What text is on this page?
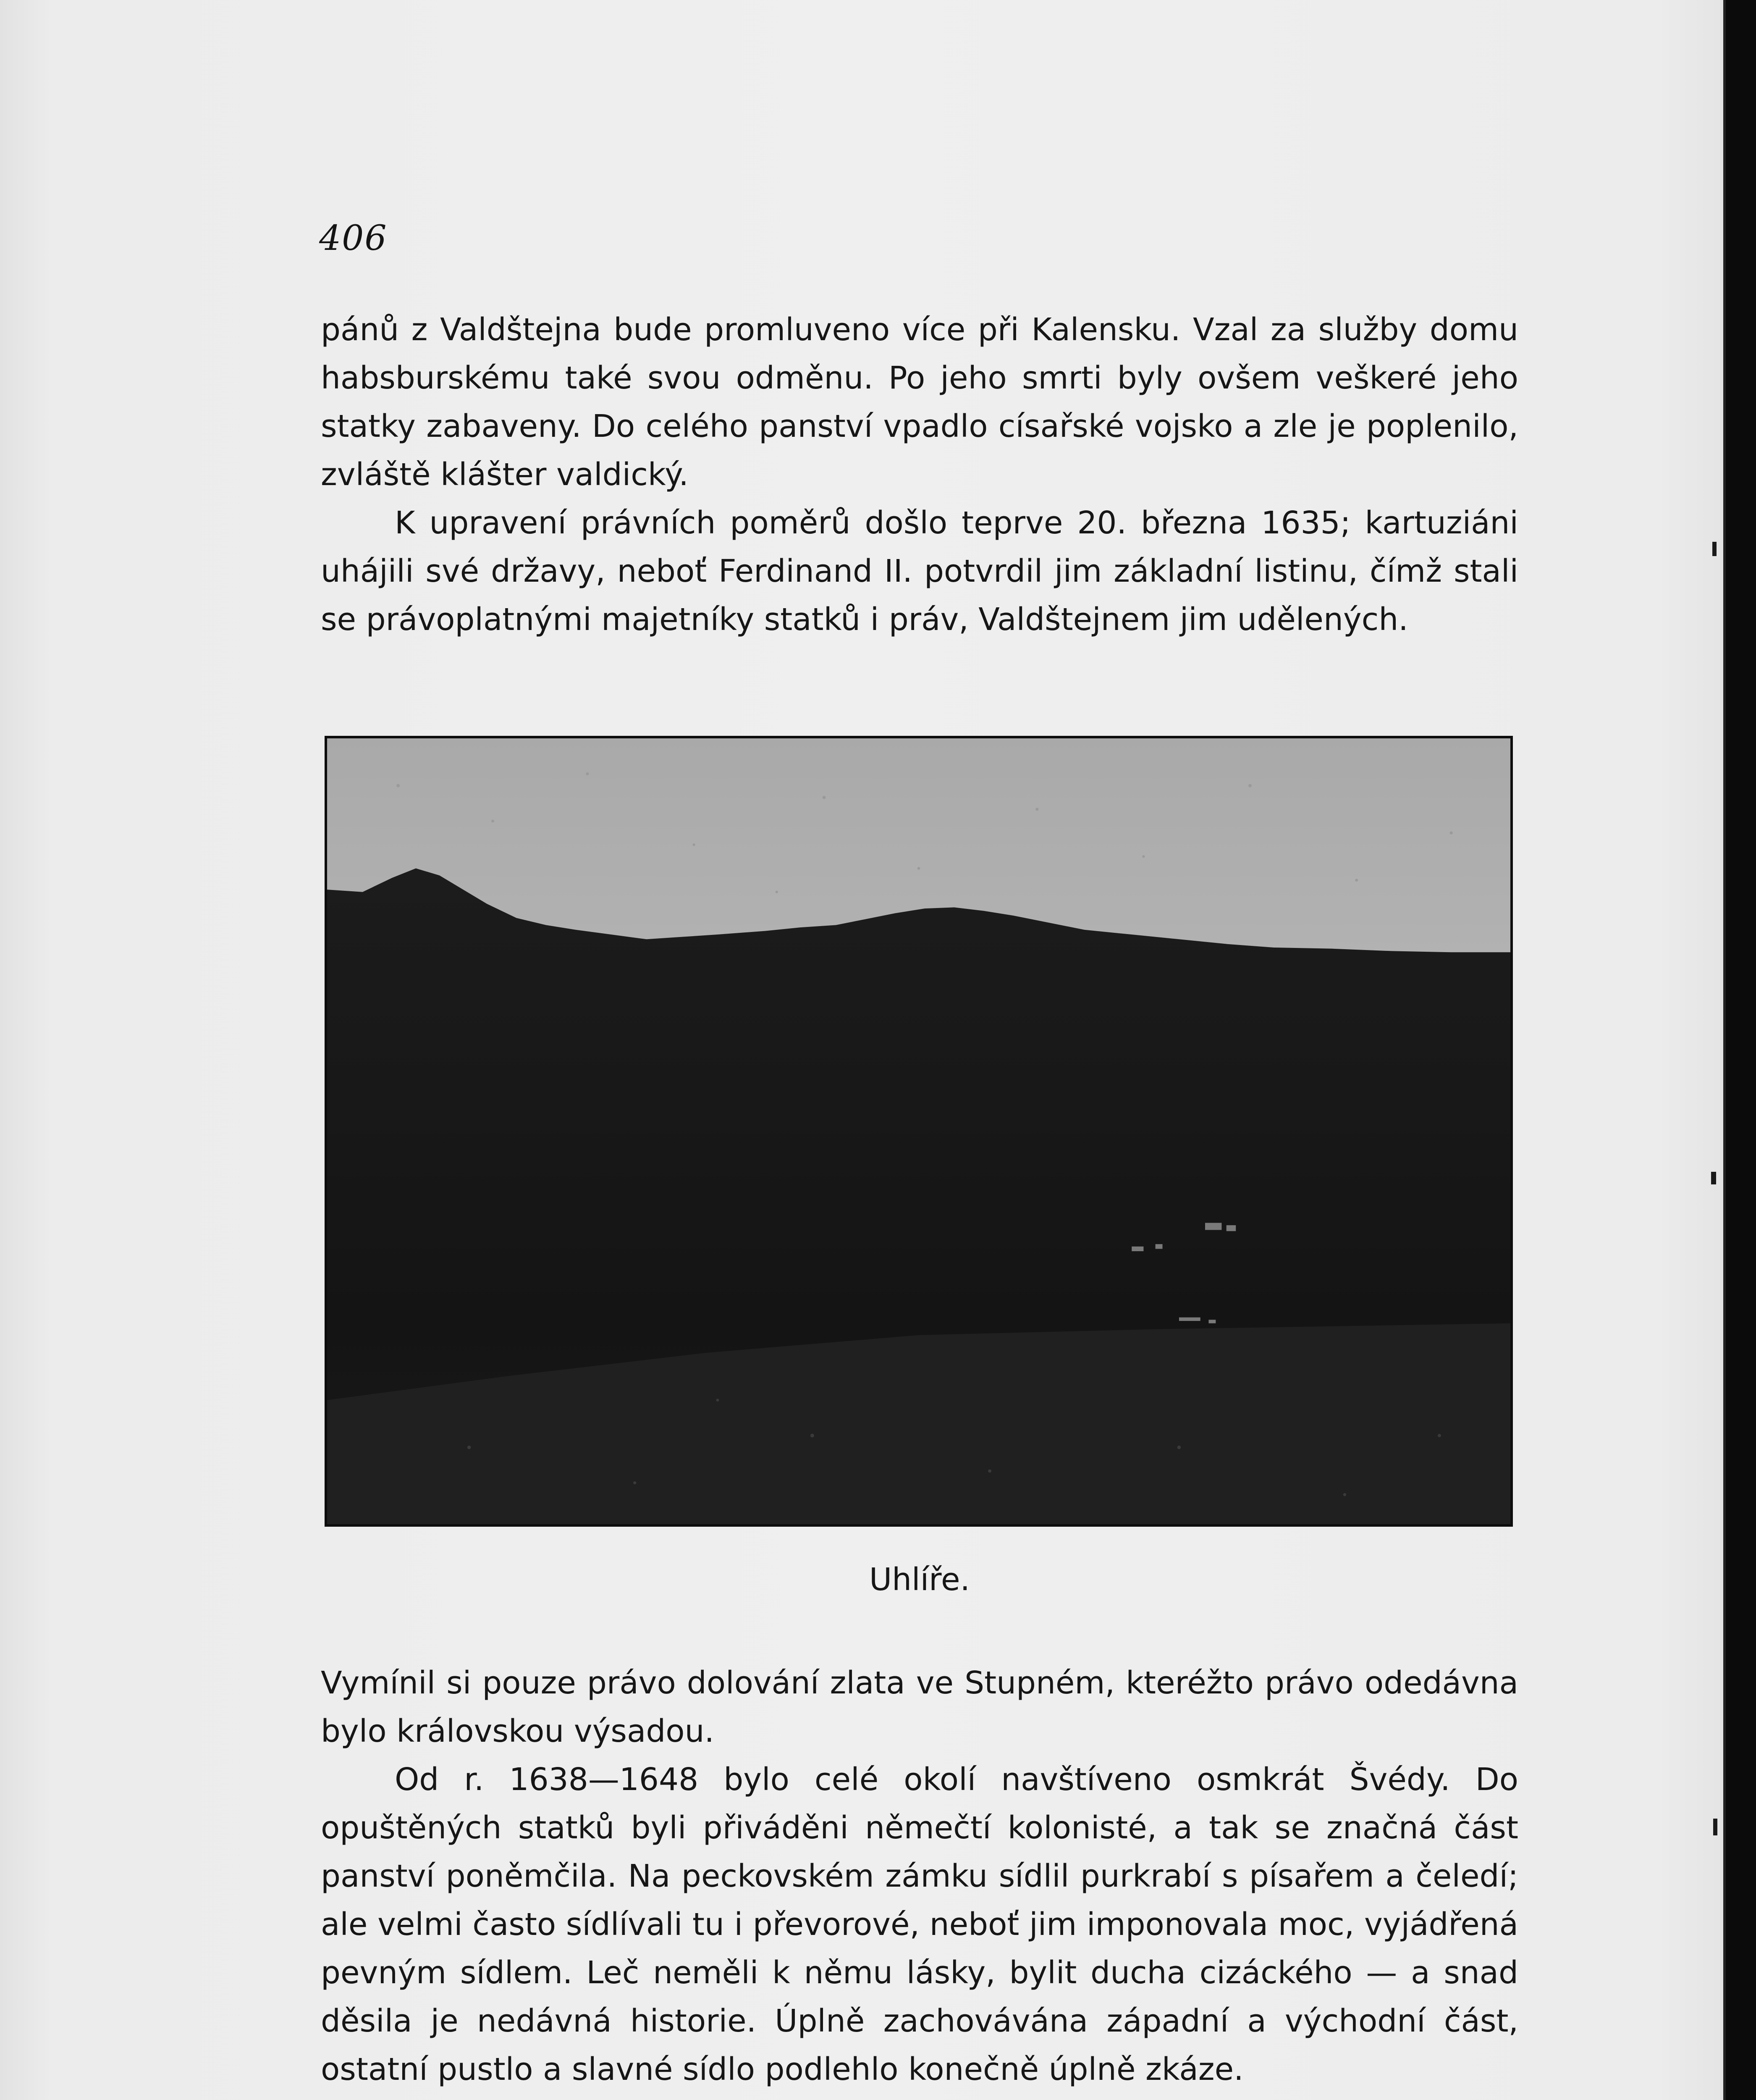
406

pánů z Valdštejna bude promluveno více při Kalensku. Vzal za služby domu habsburskému také svou odměnu. Po jeho smrti byly ovšem veškeré jeho statky zabaveny. Do celého panství vpadlo císařské vojsko a zle je poplenilo, zvláště klášter valdický.

K upravení právních poměrů došlo teprve 20. března 1635; kartuziáni uhájili své državy, neboť Ferdinand II. potvrdil jim základní listinu, čímž stali se právoplatnými majetníky statků i práv, Valdštejnem jim udělených.

Uhlíře.

Vymínil si pouze právo dolování zlata ve Stupném, kteréžto právo odedávna bylo královskou výsadou.

Od r. 1638—1648 bylo celé okolí navštíveno osmkrát Švédy. Do opuštěných statků byli přiváděni němečtí kolonisté, a tak se značná část panství poněmčila. Na peckovském zámku sídlil purkrabí s písařem a čeledí; ale velmi často sídlívali tu i převorové, neboť jim imponovala moc, vyjádřená pevným sídlem. Leč neměli k němu lásky, bylit ducha cizáckého — a snad děsila je nedávná historie. Úplně zachovávána západní a východní část, ostatní pustlo a slavné sídlo podlehlo konečně úplně zkáze.
